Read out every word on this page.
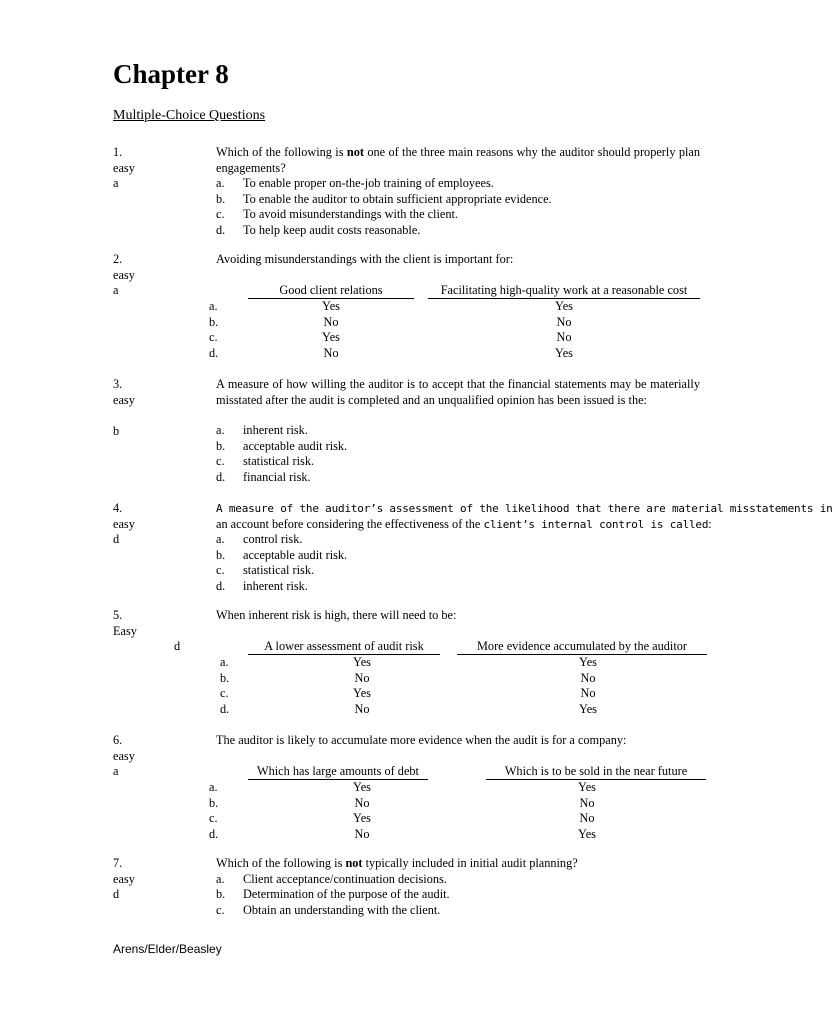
Chapter 8
Multiple-Choice Questions
1.
easy
a
Which of the following is not one of the three main reasons why the auditor should properly plan engagements?
a.	To enable proper on-the-job training of employees.
b.	To enable the auditor to obtain sufficient appropriate evidence.
c.	To avoid misunderstandings with the client.
d.	To help keep audit costs reasonable.
2.
easy
a
Avoiding misunderstandings with the client is important for:
Good client relations	Facilitating high-quality work at a reasonable cost
a.	Yes	Yes
b.	No	No
c.	Yes	No
d.	No	Yes
3.
easy
b
A measure of how willing the auditor is to accept that the financial statements may be materially misstated after the audit is completed and an unqualified opinion has been issued is the:
a.	inherent risk.
b.	acceptable audit risk.
c.	statistical risk.
d.	financial risk.
4.
easy
d
A measure of the auditor’s assessment of the likelihood that there are material misstatements in
an account before considering the effectiveness of the client’s internal control is called:
a.	control risk.
b.	acceptable audit risk.
c.	statistical risk.
d.	inherent risk.
5.
Easy
d
When inherent risk is high, there will need to be:
A lower assessment of audit risk	More evidence accumulated by the auditor
a.	Yes	Yes
b.	No	No
c.	Yes	No
d.	No	Yes
6.
easy
a
The auditor is likely to accumulate more evidence when the audit is for a company:
Which has large amounts of debt	Which is to be sold in the near future
a.	Yes	Yes
b.	No	No
c.	Yes	No
d.	No	Yes
7.
easy
d
Which of the following is not typically included in initial audit planning?
a.	Client acceptance/continuation decisions.
b.	Determination of the purpose of the audit.
c.	Obtain an understanding with the client.
Arens/Elder/Beasley
